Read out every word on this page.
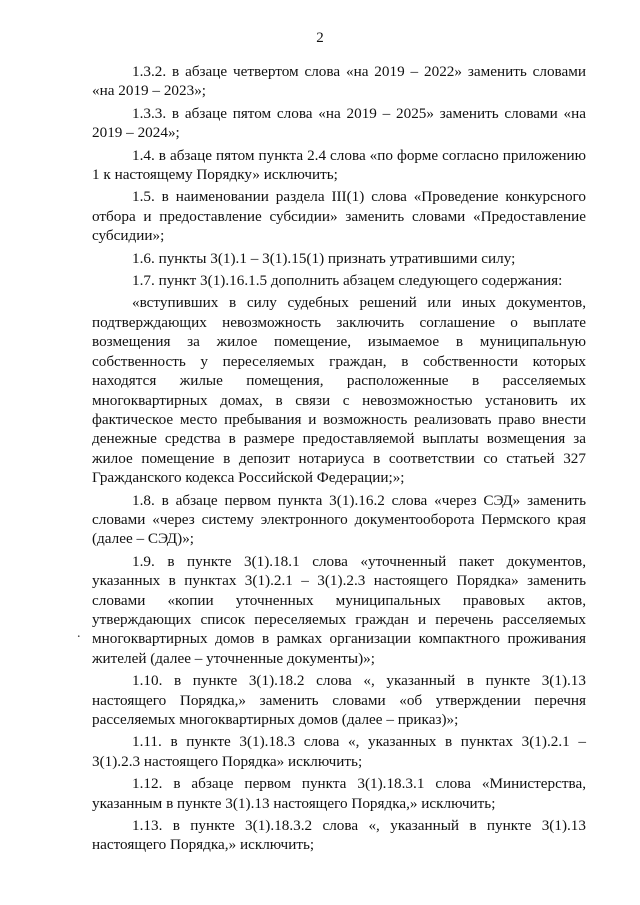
2

1.3.2. в абзаце четвертом слова «на 2019 – 2022» заменить словами «на 2019 – 2023»;

1.3.3. в абзаце пятом слова «на 2019 – 2025» заменить словами «на 2019 – 2024»;

1.4. в абзаце пятом пункта 2.4 слова «по форме согласно приложению 1 к настоящему Порядку» исключить;

1.5. в наименовании раздела III(1) слова «Проведение конкурсного отбора и предоставление субсидии» заменить словами «Предоставление субсидии»;

1.6. пункты 3(1).1 – 3(1).15(1) признать утратившими силу;

1.7. пункт 3(1).16.1.5 дополнить абзацем следующего содержания:

«вступивших в силу судебных решений или иных документов, подтверждающих невозможность заключить соглашение о выплате возмещения за жилое помещение, изымаемое в муниципальную собственность у переселяемых граждан, в собственности которых находятся жилые помещения, расположенные в расселяемых многоквартирных домах, в связи с невозможностью установить их фактическое место пребывания и возможность реализовать право внести денежные средства в размере предоставляемой выплаты возмещения за жилое помещение в депозит нотариуса в соответствии со статьей 327 Гражданского кодекса Российской Федерации;»;

1.8. в абзаце первом пункта 3(1).16.2 слова «через СЭД» заменить словами «через систему электронного документооборота Пермского края (далее – СЭД)»;

1.9. в пункте 3(1).18.1 слова «уточненный пакет документов, указанных в пунктах 3(1).2.1 – 3(1).2.3 настоящего Порядка» заменить словами «копии уточненных муниципальных правовых актов, утверждающих список переселяемых граждан и перечень расселяемых многоквартирных домов в рамках организации компактного проживания жителей (далее – уточненные документы)»;

1.10. в пункте 3(1).18.2 слова «, указанный в пункте 3(1).13 настоящего Порядка,» заменить словами «об утверждении перечня расселяемых многоквартирных домов (далее – приказ)»;

1.11. в пункте 3(1).18.3 слова «, указанных в пунктах 3(1).2.1 – 3(1).2.3 настоящего Порядка» исключить;

1.12. в абзаце первом пункта 3(1).18.3.1 слова «Министерства, указанным в пункте 3(1).13 настоящего Порядка,» исключить;

1.13. в пункте 3(1).18.3.2 слова «, указанный в пункте 3(1).13 настоящего Порядка,» исключить;

.
